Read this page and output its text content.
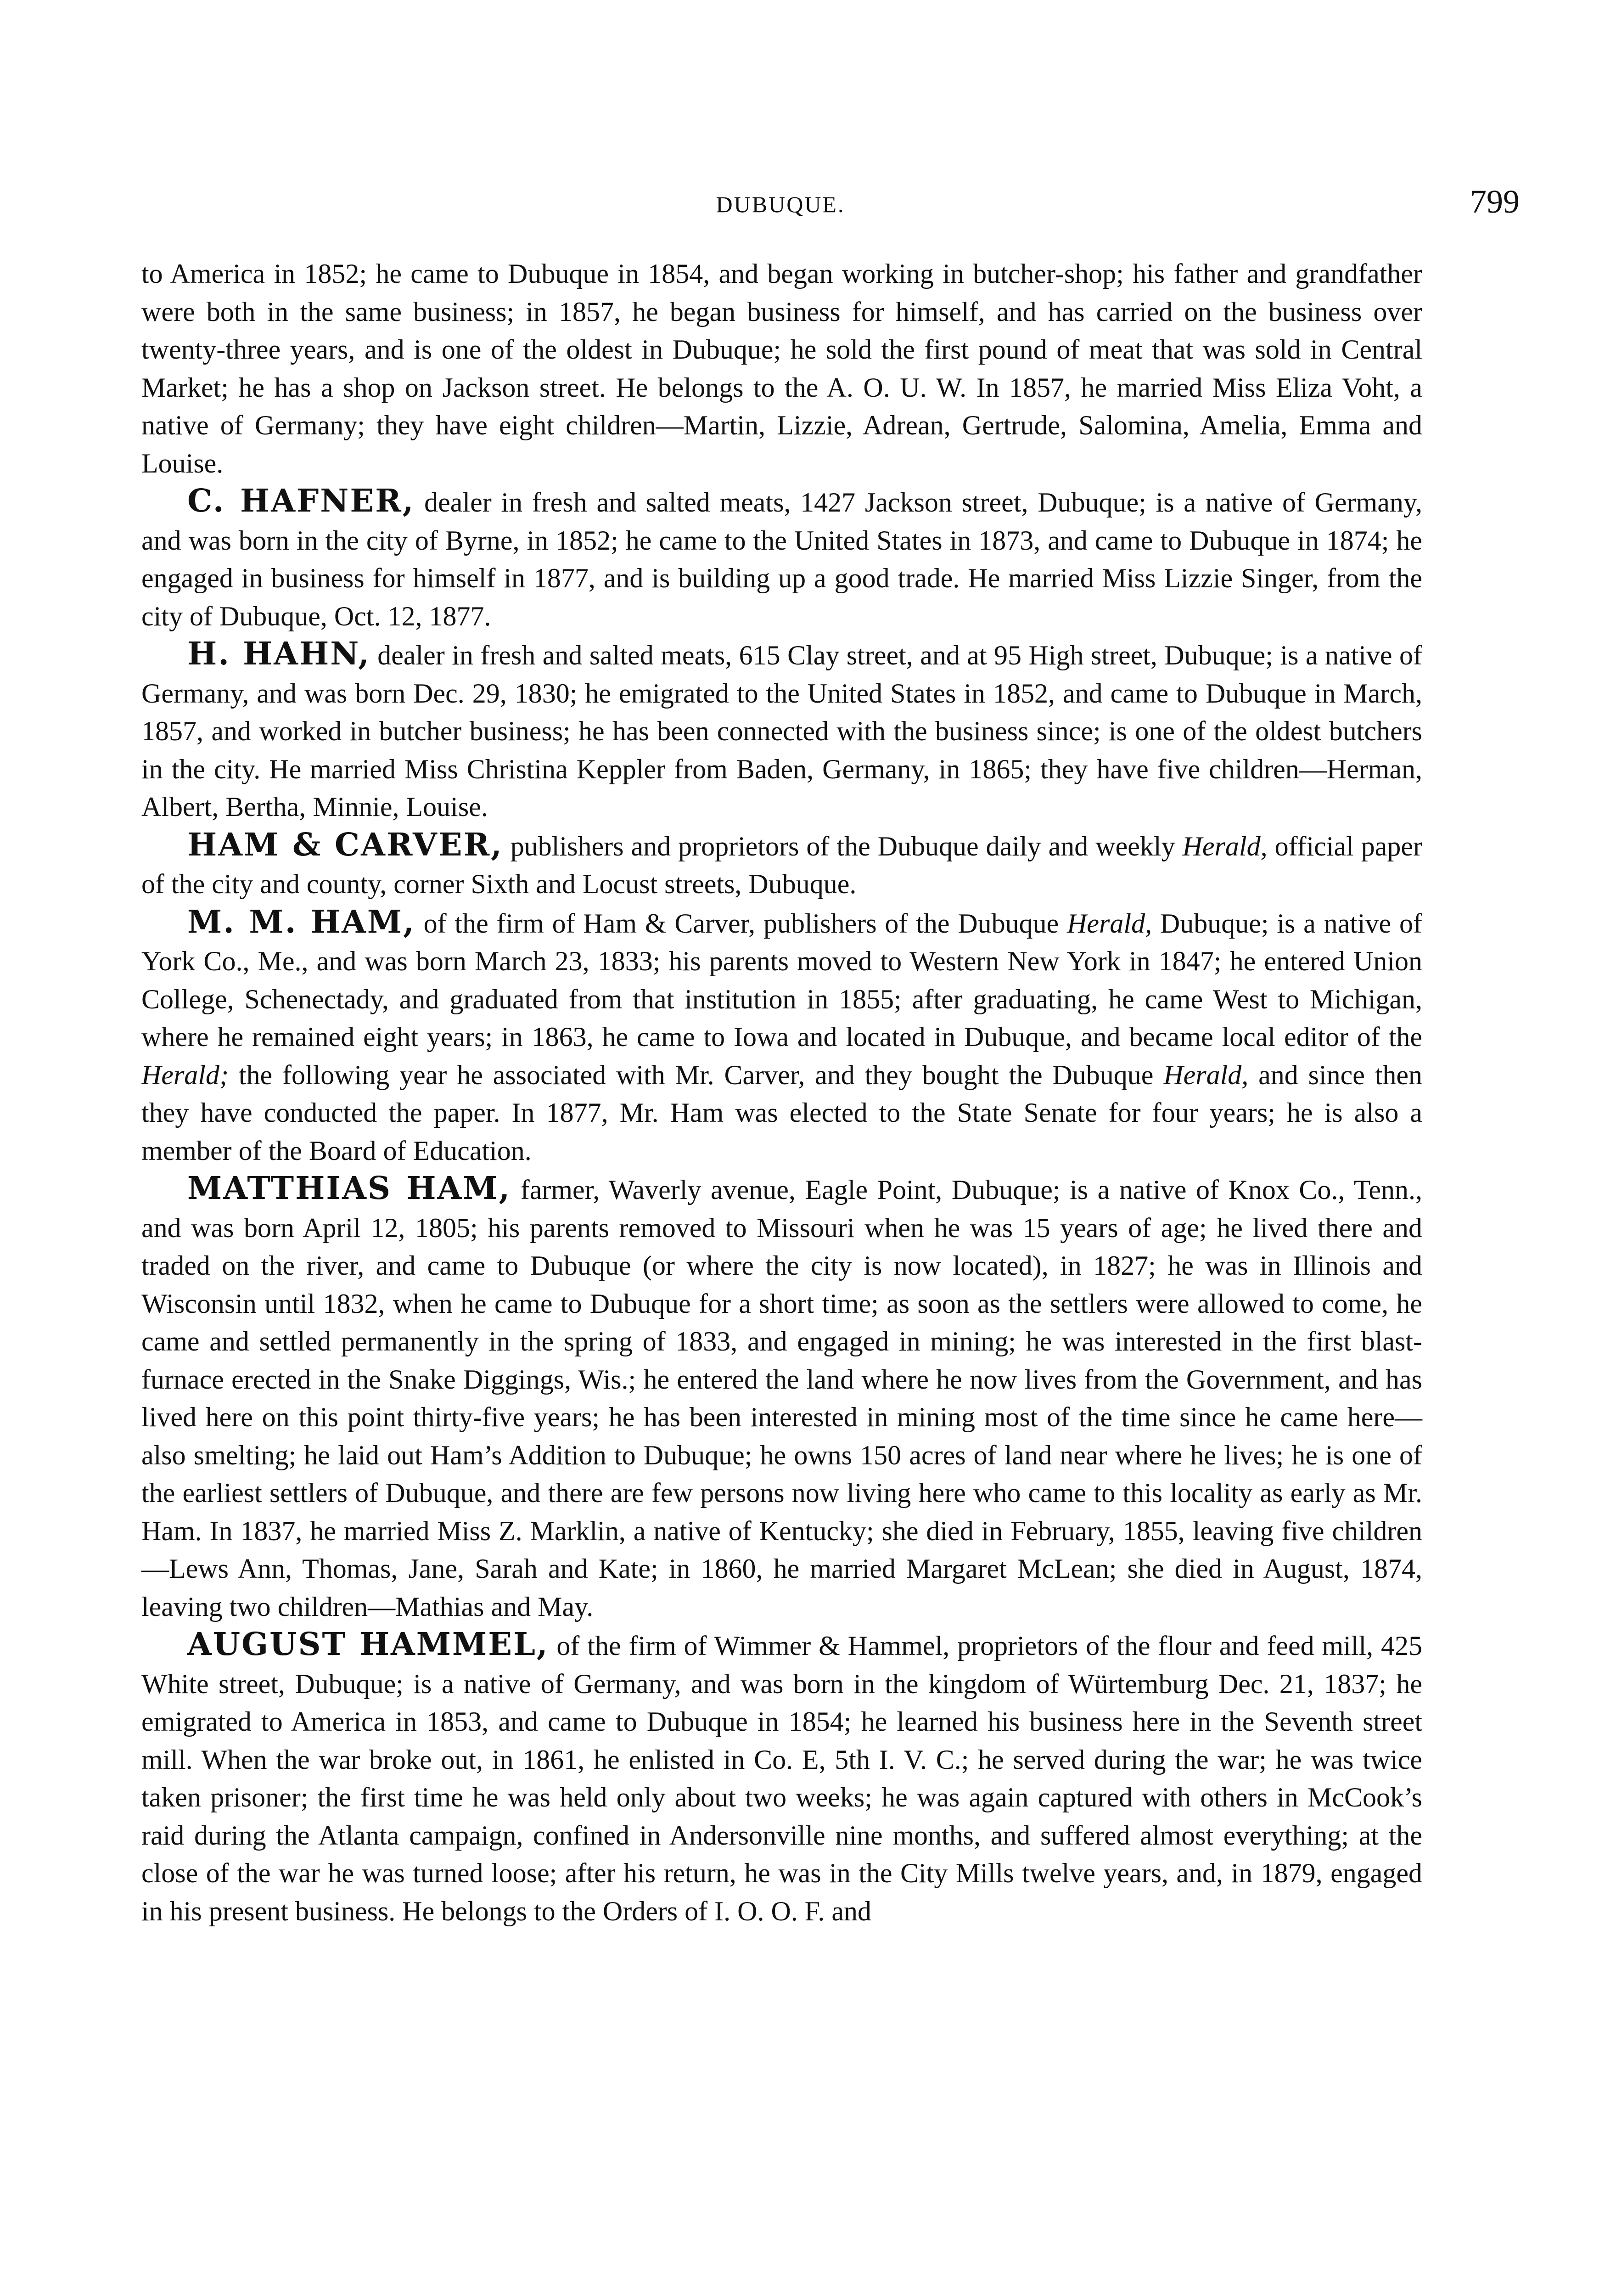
DUBUQUE.	799

to America in 1852; he came to Dubuque in 1854, and began working in butcher-shop; his father and grandfather were both in the same business; in 1857, he began business for himself, and has carried on the business over twenty-three years, and is one of the oldest in Dubuque; he sold the first pound of meat that was sold in Central Market; he has a shop on Jackson street. He belongs to the A. O. U. W. In 1857, he married Miss Eliza Voht, a native of Germany; they have eight children—Martin, Lizzie, Adrean, Gertrude, Salomina, Amelia, Emma and Louise.

C. HAFNER, dealer in fresh and salted meats, 1427 Jackson street, Dubuque; is a native of Germany, and was born in the city of Byrne, in 1852; he came to the United States in 1873, and came to Dubuque in 1874; he engaged in business for himself in 1877, and is building up a good trade. He married Miss Lizzie Singer, from the city of Dubuque, Oct. 12, 1877.

H. HAHN, dealer in fresh and salted meats, 615 Clay street, and at 95 High street, Dubuque; is a native of Germany, and was born Dec. 29, 1830; he emigrated to the United States in 1852, and came to Dubuque in March, 1857, and worked in butcher business; he has been connected with the business since; is one of the oldest butchers in the city. He married Miss Christina Keppler from Baden, Germany, in 1865; they have five children—Herman, Albert, Bertha, Minnie, Louise.

HAM & CARVER, publishers and proprietors of the Dubuque daily and weekly Herald, official paper of the city and county, corner Sixth and Locust streets, Dubuque.

M. M. HAM, of the firm of Ham & Carver, publishers of the Dubuque Herald, Dubuque; is a native of York Co., Me., and was born March 23, 1833; his parents moved to Western New York in 1847; he entered Union College, Schenectady, and graduated from that institution in 1855; after graduating, he came West to Michigan, where he remained eight years; in 1863, he came to Iowa and located in Dubuque, and became local editor of the Herald; the following year he associated with Mr. Carver, and they bought the Dubuque Herald, and since then they have conducted the paper. In 1877, Mr. Ham was elected to the State Senate for four years; he is also a member of the Board of Education.

MATTHIAS HAM, farmer, Waverly avenue, Eagle Point, Dubuque; is a native of Knox Co., Tenn., and was born April 12, 1805; his parents removed to Missouri when he was 15 years of age; he lived there and traded on the river, and came to Dubuque (or where the city is now located), in 1827; he was in Illinois and Wisconsin until 1832, when he came to Dubuque for a short time; as soon as the settlers were allowed to come, he came and settled permanently in the spring of 1833, and engaged in mining; he was interested in the first blast-furnace erected in the Snake Diggings, Wis.; he entered the land where he now lives from the Government, and has lived here on this point thirty-five years; he has been interested in mining most of the time since he came here—also smelting; he laid out Ham’s Addition to Dubuque; he owns 150 acres of land near where he lives; he is one of the earliest settlers of Dubuque, and there are few persons now living here who came to this locality as early as Mr. Ham. In 1837, he married Miss Z. Marklin, a native of Kentucky; she died in February, 1855, leaving five children—Lews Ann, Thomas, Jane, Sarah and Kate; in 1860, he married Margaret McLean; she died in August, 1874, leaving two children—Mathias and May.

AUGUST HAMMEL, of the firm of Wimmer & Hammel, proprietors of the flour and feed mill, 425 White street, Dubuque; is a native of Germany, and was born in the kingdom of Würtemburg Dec. 21, 1837; he emigrated to America in 1853, and came to Dubuque in 1854; he learned his business here in the Seventh street mill. When the war broke out, in 1861, he enlisted in Co. E, 5th I. V. C.; he served during the war; he was twice taken prisoner; the first time he was held only about two weeks; he was again captured with others in McCook’s raid during the Atlanta campaign, confined in Andersonville nine months, and suffered almost everything; at the close of the war he was turned loose; after his return, he was in the City Mills twelve years, and, in 1879, engaged in his present business. He belongs to the Orders of I. O. O. F. and
